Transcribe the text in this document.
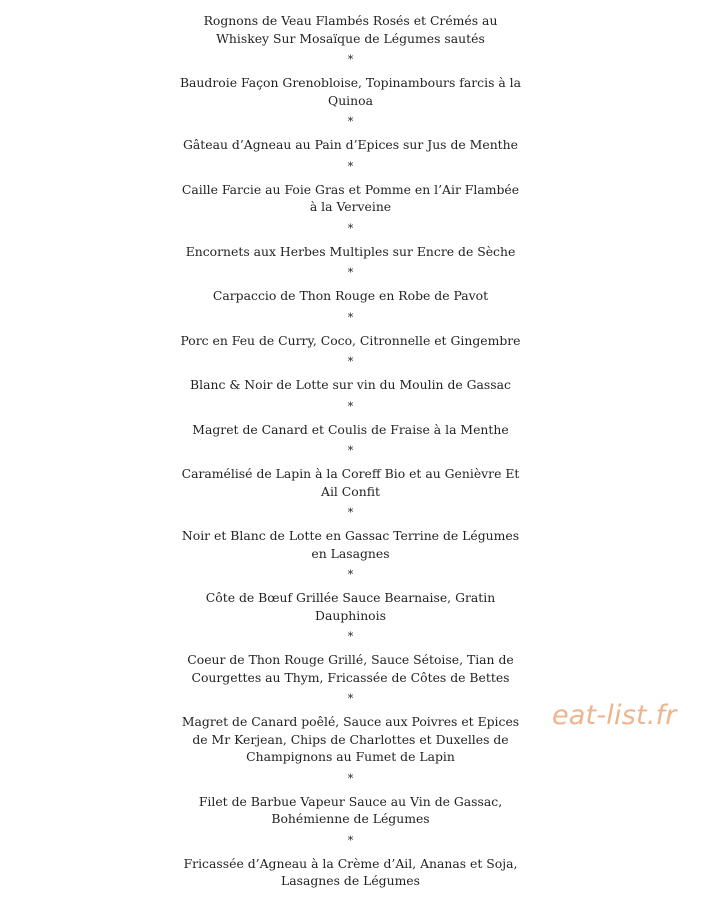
Rognons de Veau Flambés Rosés et Crémés au Whiskey Sur Mosaïque de Légumes sautés
*
Baudroie Façon Grenobloise, Topinambours farcis à la Quinoa
*
Gâteau d’Agneau au Pain d’Epices sur Jus de Menthe
*
Caille Farcie au Foie Gras et Pomme en l’Air Flambée à la Verveine
*
Encornets aux Herbes Multiples sur Encre de Sèche
*
Carpaccio de Thon Rouge en Robe de Pavot
*
Porc en Feu de Curry, Coco, Citronnelle et Gingembre
*
Blanc & Noir de Lotte sur vin du Moulin de Gassac
*
Magret de Canard et Coulis de Fraise à la Menthe
*
Caramélisé de Lapin à la Coreff Bio et au Genièvre Et Ail Confit
*
Noir et Blanc de Lotte en Gassac Terrine de Légumes en Lasagnes
*
Côte de Bœuf Grillée Sauce Bearnaise, Gratin Dauphinois
*
Coeur de Thon Rouge Grillé, Sauce Sétoise, Tian de Courgettes au Thym, Fricassée de Côtes de Bettes
*
Magret de Canard poêlé, Sauce aux Poivres et Epices de Mr Kerjean, Chips de Charlottes et Duxelles de Champignons au Fumet de Lapin
*
Filet de Barbue Vapeur Sauce au Vin de Gassac, Bohémienne de Légumes
*
Fricassée d’Agneau à la Crème d’Ail, Ananas et Soja, Lasagnes de Légumes
eat-list.fr
